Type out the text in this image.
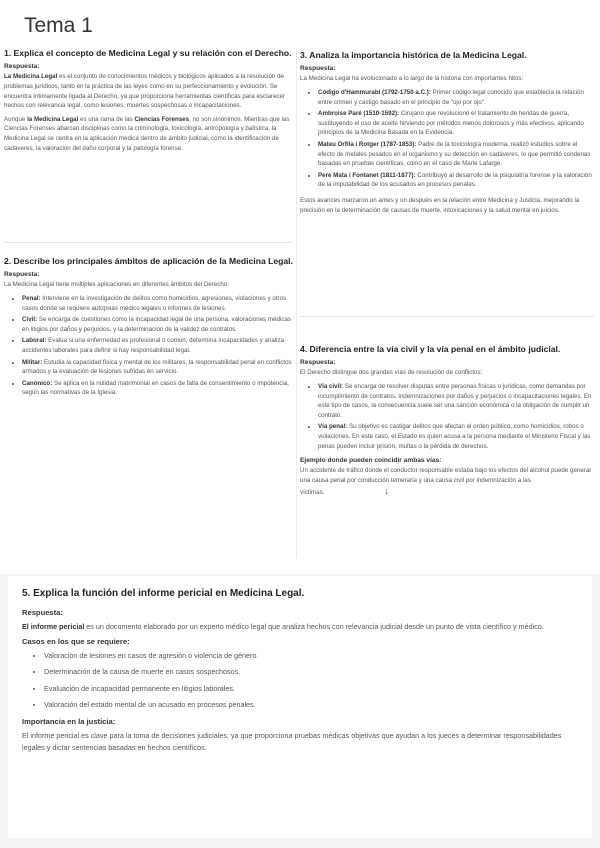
Tema 1
1. Explica el concepto de Medicina Legal y su relación con el Derecho.
Respuesta:

La Medicina Legal es el conjunto de conocimientos médicos y biológicos aplicados a la resolución de problemas jurídicos, tanto en la práctica de las leyes como en su perfeccionamiento y evolución. Se encuentra íntimamente ligada al Derecho, ya que proporciona herramientas científicas para esclarecer hechos con relevancia legal, como lesiones, muertes sospechosas o incapacitaciones.

Aunque la Medicina Legal es una rama de las Ciencias Forenses, no son sinónimos. Mientras que las Ciencias Forenses abarcan disciplinas como la criminología, toxicología, antropología y balística, la Medicina Legal se centra en la aplicación médica dentro de ámbito judicial, como la identificación de cadáveres, la valoración del daño corporal y la patología forense.

2. Describe los principales ámbitos de aplicación de la Medicina Legal.
Respuesta:

La Medicina Legal tiene múltiples aplicaciones en diferentes ámbitos del Derecho:

• Penal: Interviene en la investigación de delitos como homicidios, agresiones, violaciones y otros casos donde se requiere autopsias médico legales o informes de lesiones.
• Civil: Se encarga de cuestiones como la incapacidad legal de una persona, valoraciones médicas en litigios por daños y perjuicios, y la determinación de la validez de contratos.
• Laboral: Evalúa si una enfermedad es profesional o común, determina incapacidades y analiza accidentes laborales para definir si hay responsabilidad legal.
• Militar: Estudia la capacidad física y mental de los militares, la responsabilidad penal en conflictos armados y la evaluación de lesiones sufridas en servicio.
• Canónico: Se aplica en la nulidad matrimonial en casos de falta de consentimiento o impotencia, según las normativas de la Iglesia.
3. Analiza la importancia histórica de la Medicina Legal.
Respuesta:

La Medicina Legal ha evolucionado a lo largo de la historia con importantes hitos:

• Código d'Hammurabi (1792-1750 a.C.): Primer código legal conocido que establecía la relación entre crimen y castigo basado en el principio de "ojo por ojo".
• Ambroise Paré (1510-1592): Cirujano que revolucionó el tratamiento de heridas de guerra, sustituyendo el uso de aceite hirviendo por métodos menos dolorosos y más efectivos, aplicando principios de la Medicina Basada en la Evidencia.
• Mateu Orfila i Rotger (1787-1853): Padre de la toxicología moderna, realizó estudios sobre el efecto de metales pesados en el organismo y su detección en cadáveres, lo que permitió condenas basadas en pruebas científicas, como en el caso de Marie Lafarge.
• Pere Mata i Fontanet (1811-1877): Contribuyó al desarrollo de la psiquiatría forense y la valoración de la imputabilidad de los acusados en procesos penales.

Estos avances marcaron un antes y un después en la relación entre Medicina y Justicia, mejorando la precisión en la determinación de causas de muerte, intoxicaciones y la salud mental en juicios.

4. Diferencia entre la vía civil y la vía penal en el ámbito judicial.
Respuesta:

El Derecho distingue dos grandes vías de resolución de conflictos:

• Vía civil: Se encarga de resolver disputas entre personas físicas o jurídicas, como demandas por incumplimiento de contratos, indemnizaciones por daños y perjuicios o incapacitaciones legales. En este tipo de casos, la consecuencia suele ser una sanción económica o la obligación de cumplir un contrato.
• Vía penal: Su objetivo es castigar delitos que afectan el orden público, como homicidios, robos o violaciones. En este caso, el Estado es quien acusa a la persona mediante el Ministerio Fiscal y las penas pueden incluir prisión, multas o la pérdida de derechos.
Ejemplo donde pueden coincidir ambas vías:

Un accidente de tráfico donde el conductor responsable estaba bajo los efectos del alcohol puede generar una causa penal por conducción temeraria y una causa civil por indemnización a las víctimas.	↓

5. Explica la función del informe pericial en Medicina Legal.
Respuesta:

El informe pericial es un documento elaborado por un experto médico legal que analiza hechos con relevancia judicial desde un punto de vista científico y médico.

Casos en los que se requiere:
• Valoración de lesiones en casos de agresión o violencia de género.
• Determinación de la causa de muerte en casos sospechosos.
• Evaluación de incapacidad permanente en litigios laborales.
• Valoración del estado mental de un acusado en procesos penales.
Importancia en la justicia:

El informe pericial es clave para la toma de decisiones judiciales, ya que proporciona pruebas médicas objetivas que ayudan a los jueces a determinar responsabilidades legales y dictar sentencias basadas en hechos científicos.
